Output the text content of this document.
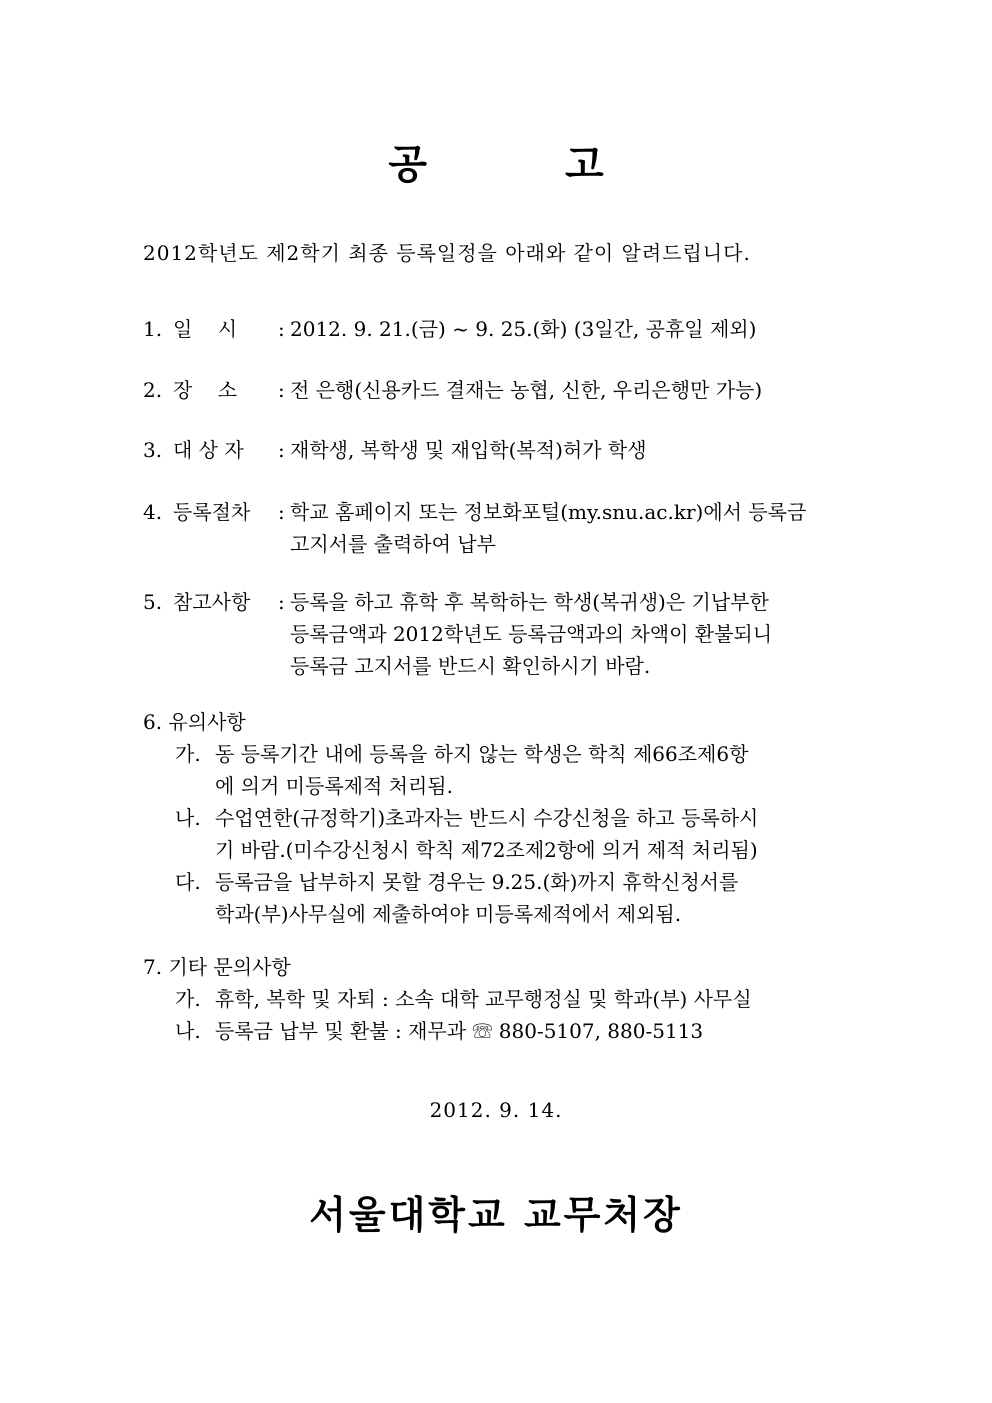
공 고
2012학년도 제2학기 최종 등록일정을 아래와 같이 알려드립니다.
1. 일    시	: 2012. 9. 21.(금) ~ 9. 25.(화) (3일간, 공휴일 제외)
2. 장    소	: 전 은행(신용카드 결재는 농협, 신한, 우리은행만 가능)
3. 대 상 자	: 재학생, 복학생 및 재입학(복적)허가 학생
4. 등록절차	: 학교 홈페이지 또는 정보화포털(my.snu.ac.kr)에서 등록금
고지서를 출력하여 납부
5. 참고사항	: 등록을 하고 휴학 후 복학하는 학생(복귀생)은 기납부한
등록금액과 2012학년도 등록금액과의 차액이 환불되니
등록금 고지서를 반드시 확인하시기 바람.
6. 유의사항
가. 동 등록기간 내에 등록을 하지 않는 학생은 학칙 제66조제6항
에 의거 미등록제적 처리됨.
나. 수업연한(규정학기)초과자는 반드시 수강신청을 하고 등록하시
기 바람.(미수강신청시 학칙 제72조제2항에 의거 제적 처리됨)
다. 등록금을 납부하지 못할 경우는 9.25.(화)까지 휴학신청서를
학과(부)사무실에 제출하여야 미등록제적에서 제외됨.
7. 기타 문의사항
가. 휴학, 복학 및 자퇴 : 소속 대학 교무행정실 및 학과(부) 사무실
나. 등록금 납부 및 환불 : 재무과 ☏ 880-5107, 880-5113
2012. 9. 14.
서울대학교 교무처장
